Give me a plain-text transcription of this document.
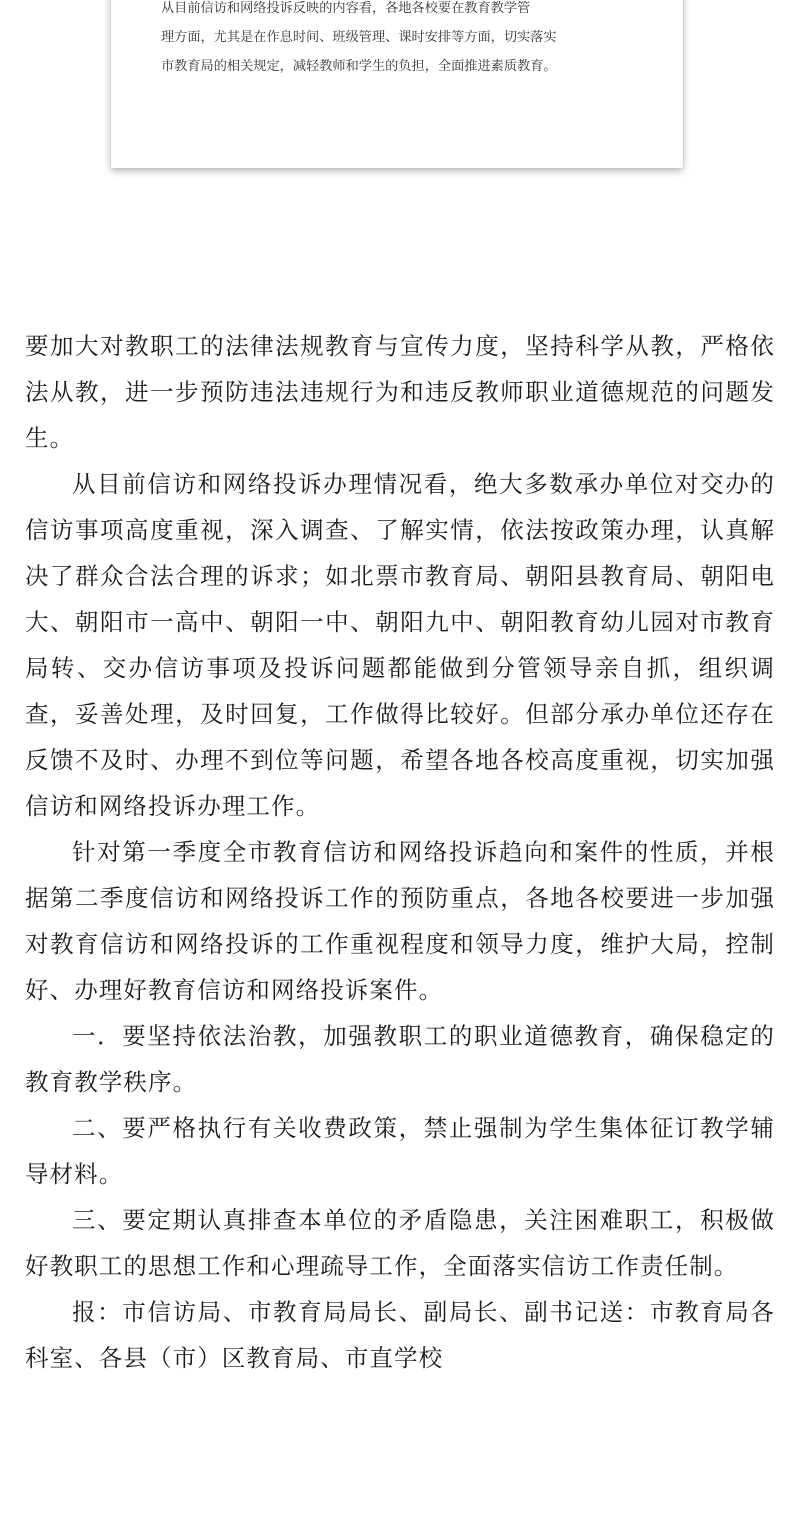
从目前信访和网络投诉反映的内容看，各地各校要在教育教学管
理方面，尤其是在作息时间、班级管理、课时安排等方面，切实落实
市教育局的相关规定，减轻教师和学生的负担，全面推进素质教育。

要加大对教职工的法律法规教育与宣传力度，坚持科学从教，严格依法从教，进一步预防违法违规行为和违反教师职业道德规范的问题发生。

从目前信访和网络投诉办理情况看，绝大多数承办单位对交办的信访事项高度重视，深入调查、了解实情，依法按政策办理，认真解决了群众合法合理的诉求；如北票市教育局、朝阳县教育局、朝阳电大、朝阳市一高中、朝阳一中、朝阳九中、朝阳教育幼儿园对市教育局转、交办信访事项及投诉问题都能做到分管领导亲自抓，组织调查，妥善处理，及时回复，工作做得比较好。但部分承办单位还存在反馈不及时、办理不到位等问题，希望各地各校高度重视，切实加强信访和网络投诉办理工作。

针对第一季度全市教育信访和网络投诉趋向和案件的性质，并根据第二季度信访和网络投诉工作的预防重点，各地各校要进一步加强对教育信访和网络投诉的工作重视程度和领导力度，维护大局，控制好、办理好教育信访和网络投诉案件。

一．要坚持依法治教，加强教职工的职业道德教育，确保稳定的教育教学秩序。

二、要严格执行有关收费政策，禁止强制为学生集体征订教学辅导材料。

三、要定期认真排查本单位的矛盾隐患，关注困难职工，积极做好教职工的思想工作和心理疏导工作，全面落实信访工作责任制。

报：市信访局、市教育局局长、副局长、副书记送：市教育局各科室、各县（市）区教育局、市直学校
